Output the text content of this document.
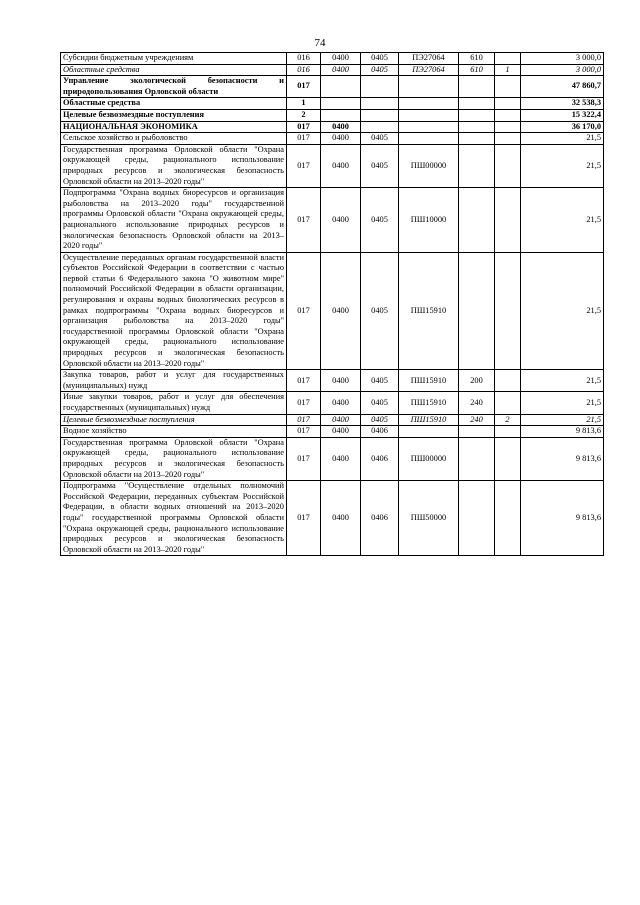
74
Субсидии бюджетным учреждениям	016	0400	0405	ПЭ27064	610		3 000,0
Областные средства	016	0400	0405	ПЭ27064	610	1	3 000,0
Управление экологической безопасности и природопользования Орловской области	017						47 860,7
Областные средства	1						32 538,3
Целевые безвозмездные поступления	2						15 322,4
НАЦИОНАЛЬНАЯ ЭКОНОМИКА	017	0400					36 170,0
Сельское хозяйство и рыболовство	017	0400	0405				21,5
Государственная программа Орловской области "Охрана окружающей среды, рационального использование природных ресурсов и экологическая безопасность Орловской области на 2013–2020 годы"	017	0400	0405	ПШ00000			21,5
Подпрограмма "Охрана водных биоресурсов и организация рыболовства на 2013–2020 годы" государственной программы Орловской области "Охрана окружающей среды, рационального использование природных ресурсов и экологическая безопасность Орловской области на 2013–2020 годы"	017	0400	0405	ПШ10000			21,5
Осуществление переданных органам государственной власти субъектов Российской Федерации в соответствии с частью первой статьи 6 Федерального закона "О животном мире" полномочий Российской Федерации в области организации, регулирования и охраны водных биологических ресурсов в рамках подпрограммы "Охрана водных биоресурсов и организация рыболовства на 2013–2020 годы" государственной программы Орловской области "Охрана окружающей среды, рационального использование природных ресурсов и экологическая безопасность Орловской области на 2013–2020 годы"	017	0400	0405	ПШ15910			21,5
Закупка товаров, работ и услуг для государственных (муниципальных) нужд	017	0400	0405	ПШ15910	200		21,5
Иные закупки товаров, работ и услуг для обеспечения государственных (муниципальных) нужд	017	0400	0405	ПШ15910	240		21,5
Целевые безвозмездные поступления	017	0400	0405	ПШ15910	240	2	21,5
Водное хозяйство	017	0400	0406				9 813,6
Государственная программа Орловской области "Охрана окружающей среды, рационального использование природных ресурсов и экологическая безопасность Орловской области на 2013–2020 годы"	017	0400	0406	ПШ00000			9 813,6
Подпрограмма "Осуществление отдельных полномочий Российской Федерации, переданных субъектам Российской Федерации, в области водных отношений на 2013–2020 годы" государственной программы Орловской области "Охрана окружающей среды, рационального использование природных ресурсов и экологическая безопасность Орловской области на 2013–2020 годы"	017	0400	0406	ПШ50000			9 813,6
